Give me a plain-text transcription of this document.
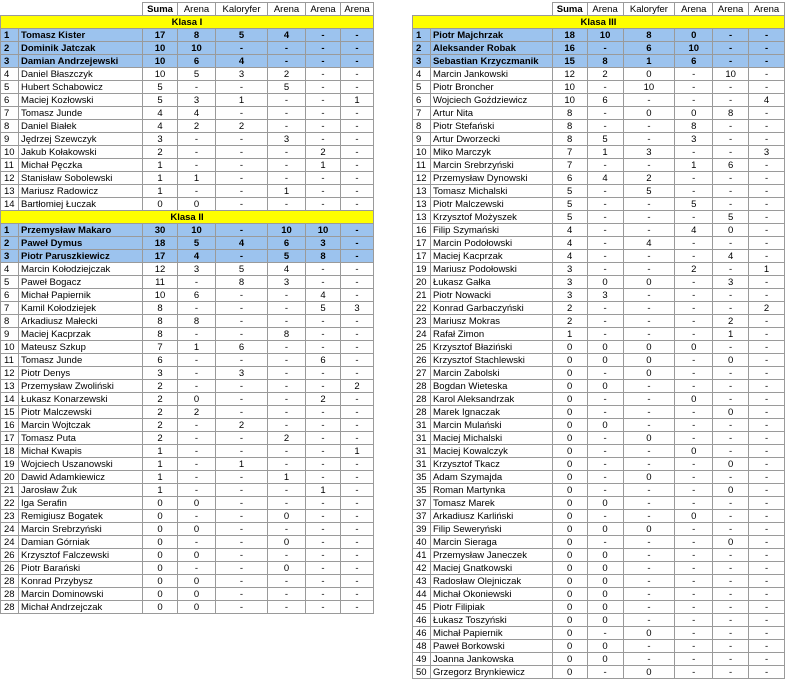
		Suma	Arena	Kaloryfer	Arena	Arena	Arena
Klasa I							
1	Tomasz Kister	17	8	5	4	-	-
2	Dominik Jatczak	10	10	-	-	-	-
3	Damian Andrzejewski	10	6	4	-	-	-
4	Daniel Błaszczyk	10	5	3	2	-	-
5	Hubert Schabowicz	5	-	-	5	-	-
6	Maciej Kozłowski	5	3	1	-	-	1
7	Tomasz Junde	4	4	-	-	-	-
8	Daniel Białek	4	2	2	-	-	-
9	Jędrzej Szewczyk	3	-	-	3	-	-
10	Jakub Kołakowski	2	-	-	-	2	-
11	Michał Pęczka	1	-	-	-	1	-
12	Stanisław Sobolewski	1	1	-	-	-	-
13	Mariusz Radowicz	1	-	-	1	-	-
14	Bartłomiej Łuczak	0	0	-	-	-	-
Klasa II							
1	Przemysław Makaro	30	10	-	10	10	-
2	Paweł Dymus	18	5	4	6	3	-
3	Piotr Paruszkiewicz	17	4	-	5	8	-
4	Marcin Kołodziejczak	12	3	5	4	-	-
5	Paweł Bogacz	11	-	8	3	-	-
6	Michał Papiernik	10	6	-	-	4	-
7	Kamil Kołodziejek	8	-	-	-	5	3
8	Arkadiusz Małecki	8	8	-	-	-	-
9	Maciej Kacprzak	8	-	-	8	-	-
10	Mateusz Szkup	7	1	6	-	-	-
11	Tomasz Junde	6	-	-	-	6	-
12	Piotr Denys	3	-	3	-	-	-
13	Przemysław Zwoliński	2	-	-	-	-	2
14	Łukasz Konarzewski	2	0	-	-	2	-
15	Piotr Malczewski	2	2	-	-	-	-
16	Marcin Wojtczak	2	-	2	-	-	-
17	Tomasz Puta	2	-	-	2	-	-
18	Michał Kwapis	1	-	-	-	-	1
19	Wojciech Uszanowski	1	-	1	-	-	-
20	Dawid Adamkiewicz	1	-	-	1	-	-
21	Jarosław Żuk	1	-	-	-	1	-
22	Iga Serafin	0	0	-	-	-	-
23	Remigiusz Bogatek	0	-	-	0	-	-
24	Marcin Srebrzyński	0	0	-	-	-	-
24	Damian Górniak	0	-	-	0	-	-
26	Krzysztof Falczewski	0	0	-	-	-	-
26	Piotr Barański	0	-	-	0	-	-
28	Konrad Przybysz	0	0	-	-	-	-
28	Marcin Dominowski	0	0	-	-	-	-
28	Michał Andrzejczak	0	0	-	-	-	-
		Suma	Arena	Kaloryfer	Arena	Arena	Arena
Klasa III							
1	Piotr Majchrzak	18	10	8	0	-	-
2	Aleksander Robak	16	-	6	10	-	-
3	Sebastian Krzyczmanik	15	8	1	6	-	-
4	Marcin Jankowski	12	2	0	-	10	-
5	Piotr Broncher	10	-	10	-	-	-
6	Wojciech Goździewicz	10	6	-	-	-	4
7	Artur Nita	8	-	0	0	8	-
8	Piotr Stefański	8	-	-	8	-	-
9	Artur Dworzecki	8	5	-	3	-	-
10	Miko Marczyk	7	1	3	-	-	3
11	Marcin Srebrzyński	7	-	-	1	6	-
12	Przemysław Dynowski	6	4	2	-	-	-
13	Tomasz Michalski	5	-	5	-	-	-
13	Piotr Malczewski	5	-	-	5	-	-
13	Krzysztof Możyszek	5	-	-	-	5	-
16	Filip Szymański	4	-	-	4	0	-
17	Marcin Podołowski	4	-	4	-	-	-
17	Maciej Kacprzak	4	-	-	-	4	-
19	Mariusz Podołowski	3	-	-	2	-	1
20	Łukasz Gałka	3	0	0	-	3	-
21	Piotr Nowacki	3	3	-	-	-	-
22	Konrad Garbaczyński	2	-	-	-	-	2
23	Mariusz Mokras	2	-	-	-	2	-
24	Rafał Zimon	1	-	-	-	1	-
25	Krzysztof Błaziński	0	0	0	0	-	-
26	Krzysztof Stachlewski	0	0	0	-	0	-
27	Marcin Zabolski	0	-	0	-	-	-
28	Bogdan Wieteska	0	0	-	-	-	-
28	Karol Aleksandrzak	0	-	-	0	-	-
28	Marek Ignaczak	0	-	-	-	0	-
31	Marcin Mulański	0	0	-	-	-	-
31	Maciej Michalski	0	-	0	-	-	-
31	Maciej Kowalczyk	0	-	-	0	-	-
31	Krzysztof Tkacz	0	-	-	-	0	-
35	Adam Szymajda	0	-	0	-	-	-
35	Roman Martynka	0	-	-	-	0	-
37	Tomasz Marek	0	0	-	-	-	-
37	Arkadiusz Karliński	0	-	-	0	-	-
39	Filip Seweryński	0	0	0	-	-	-
40	Marcin Sieraga	0	-	-	-	0	-
41	Przemysław Janeczek	0	0	-	-	-	-
42	Maciej Gnatkowski	0	0	-	-	-	-
43	Radosław Olejniczak	0	0	-	-	-	-
44	Michał Okoniewski	0	0	-	-	-	-
45	Piotr Filipiak	0	0	-	-	-	-
46	Łukasz Toszyński	0	0	-	-	-	-
46	Michał Papiernik	0	-	0	-	-	-
48	Paweł Borkowski	0	0	-	-	-	-
49	Joanna Jankowska	0	0	-	-	-	-
50	Grzegorz Brynkiewicz	0	-	0	-	-	-
